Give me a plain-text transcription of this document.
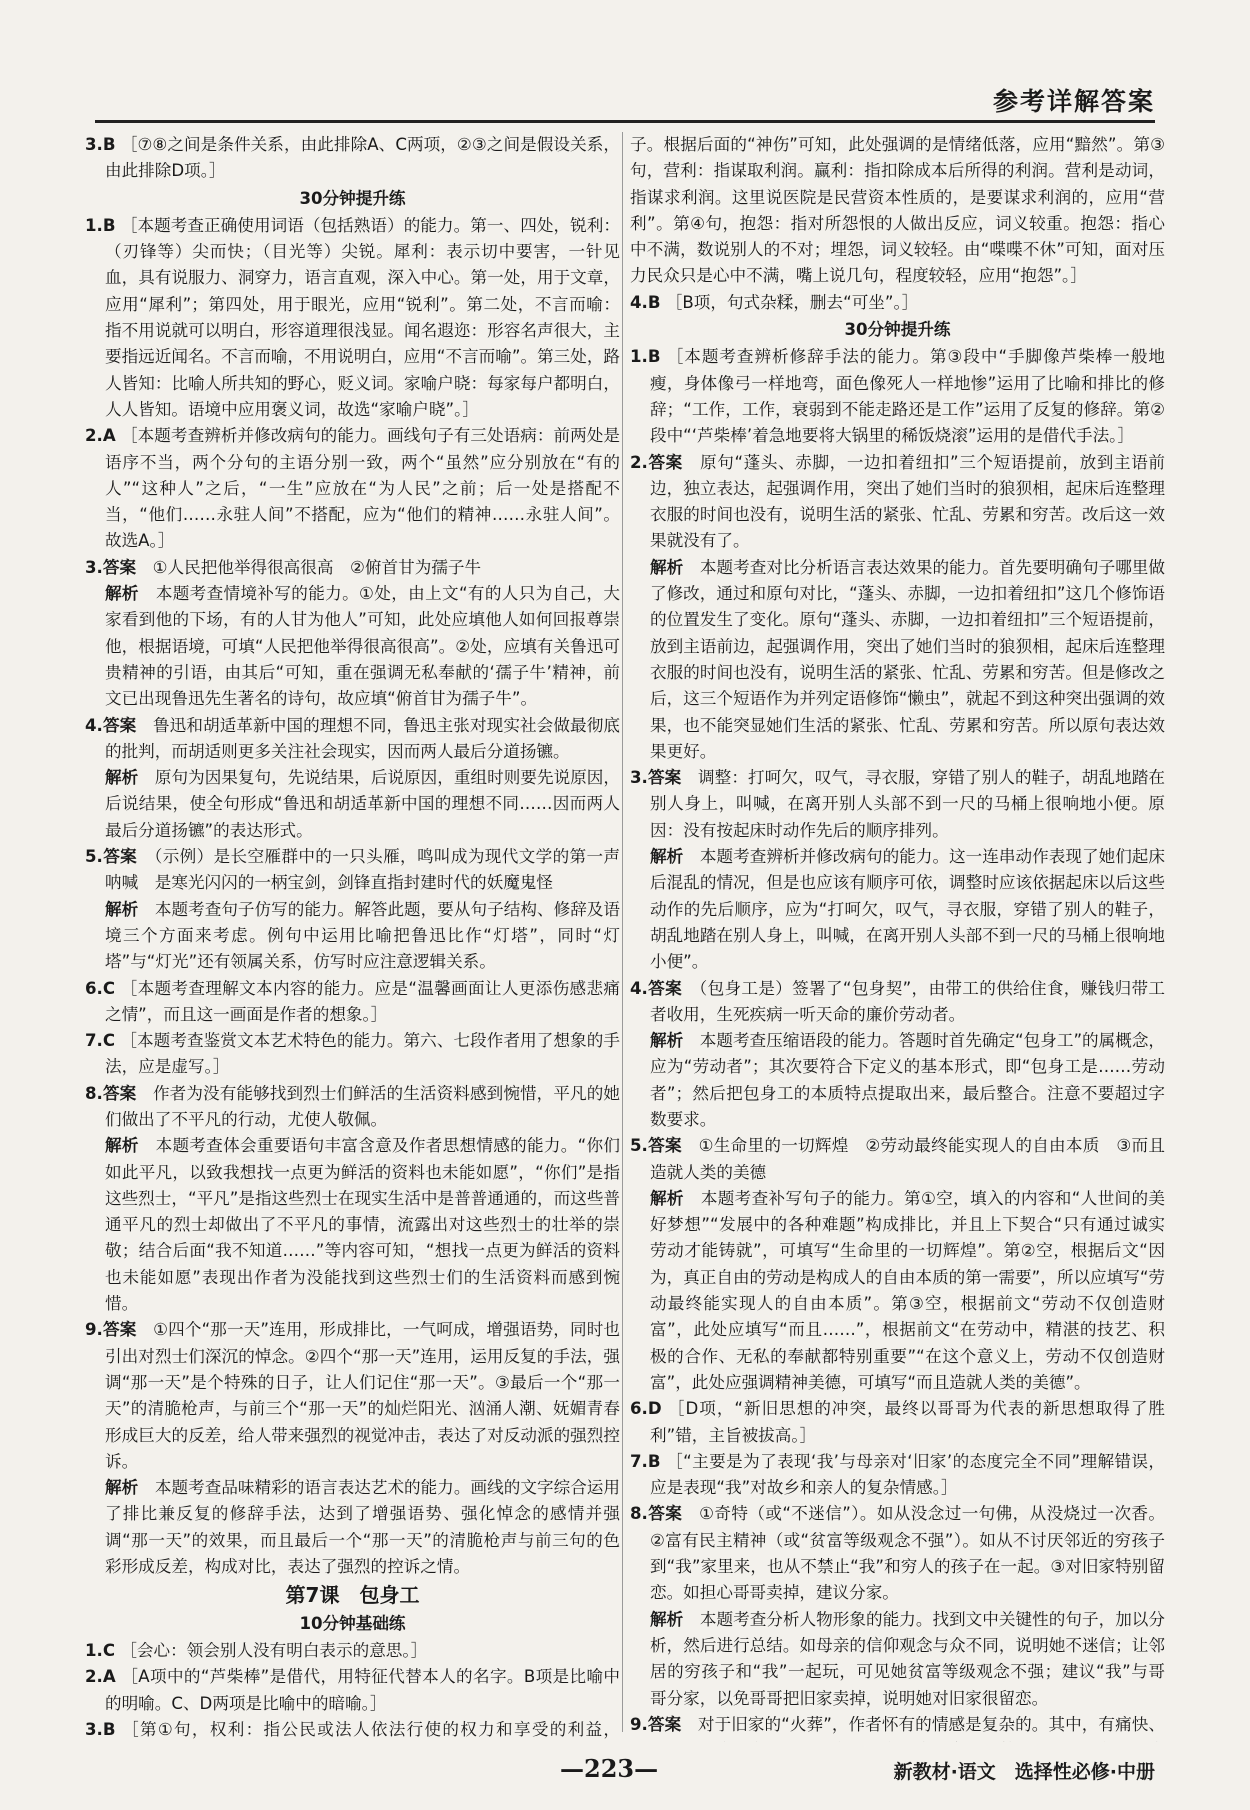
参考详解答案

3.B ［⑦⑧之间是条件关系，由此排除A、C两项，②③之间是假设关系，由此排除D项。］

30分钟提升练

1.B ［本题考查正确使用词语（包括熟语）的能力。第一、四处，锐利：（刃锋等）尖而快；（目光等）尖锐。犀利：表示切中要害，一针见血，具有说服力、洞穿力，语言直观，深入中心。第一处，用于文章，应用“犀利”；第四处，用于眼光，应用“锐利”。第二处，不言而喻：指不用说就可以明白，形容道理很浅显。闻名遐迩：形容名声很大，主要指远近闻名。不言而喻，不用说明白，应用“不言而喻”。第三处，路人皆知：比喻人所共知的野心，贬义词。家喻户晓：每家每户都明白，人人皆知。语境中应用褒义词，故选“家喻户晓”。］

2.A ［本题考查辨析并修改病句的能力。画线句子有三处语病：前两处是语序不当，两个分句的主语分别一致，两个“虽然”应分别放在“有的人”“这种人”之后，“一生”应放在“为人民”之前；后一处是搭配不当，“他们……永驻人间”不搭配，应为“他们的精神……永驻人间”。故选A。］

3.答案　 ①人民把他举得很高很高　②俯首甘为孺子牛

解析　 本题考查情境补写的能力。①处，由上文“有的人只为自己，大家看到他的下场，有的人甘为他人”可知，此处应填他人如何回报尊崇他，根据语境，可填“人民把他举得很高很高”。②处，应填有关鲁迅可贵精神的引语，由其后“可知，重在强调无私奉献的‘孺子牛’精神，前文已出现鲁迅先生著名的诗句，故应填“俯首甘为孺子牛”。

4.答案　 鲁迅和胡适革新中国的理想不同，鲁迅主张对现实社会做最彻底的批判，而胡适则更多关注社会现实，因而两人最后分道扬镳。

解析　 原句为因果复句，先说结果，后说原因，重组时则要先说原因，后说结果，使全句形成“鲁迅和胡适革新中国的理想不同……因而两人最后分道扬镳”的表达形式。

5.答案　 （示例）是长空雁群中的一只头雁，鸣叫成为现代文学的第一声呐喊　是寒光闪闪的一柄宝剑，剑锋直指封建时代的妖魔鬼怪

解析　 本题考查句子仿写的能力。解答此题，要从句子结构、修辞及语境三个方面来考虑。例句中运用比喻把鲁迅比作“灯塔”，同时“灯塔”与“灯光”还有领属关系，仿写时应注意逻辑关系。

6.C ［本题考查理解文本内容的能力。应是“温馨画面让人更添伤感悲痛之情”，而且这一画面是作者的想象。］

7.C ［本题考查鉴赏文本艺术特色的能力。第六、七段作者用了想象的手法，应是虚写。］

8.答案　 作者为没有能够找到烈士们鲜活的生活资料感到惋惜，平凡的她们做出了不平凡的行动，尤使人敬佩。

解析　 本题考查体会重要语句丰富含意及作者思想情感的能力。“你们如此平凡，以致我想找一点更为鲜活的资料也未能如愿”，“你们”是指这些烈士，“平凡”是指这些烈士在现实生活中是普普通通的，而这些普通平凡的烈士却做出了不平凡的事情，流露出对这些烈士的壮举的崇敬；结合后面“我不知道……”等内容可知，“想找一点更为鲜活的资料也未能如愿”表现出作者为没能找到这些烈士们的生活资料而感到惋惜。

9.答案　 ①四个“那一天”连用，形成排比，一气呵成，增强语势，同时也引出对烈士们深沉的悼念。②四个“那一天”连用，运用反复的手法，强调“那一天”是个特殊的日子，让人们记住“那一天”。③最后一个“那一天”的清脆枪声，与前三个“那一天”的灿烂阳光、汹涌人潮、妩媚青春形成巨大的反差，给人带来强烈的视觉冲击，表达了对反动派的强烈控诉。

解析　 本题考查品味精彩的语言表达艺术的能力。画线的文字综合运用了排比兼反复的修辞手法，达到了增强语势、强化悼念的感情并强调“那一天”的效果，而且最后一个“那一天”的清脆枪声与前三句的色彩形成反差，构成对比，表达了强烈的控诉之情。

第7课　包身工

10分钟基础练

1.C ［会心：领会别人没有明白表示的意思。］

2.A ［A项中的“芦柴棒”是借代，用特征代替本人的名字。B项是比喻中的明喻。C、D两项是比喻中的暗喻。］

3.B ［第①句，权利：指公民或法人依法行使的权力和享受的利益，

子。根据后面的“神伤”可知，此处强调的是情绪低落，应用“黯然”。第③句，营利：指谋取利润。赢利：指扣除成本后所得的利润。营利是动词，指谋求利润。这里说医院是民营资本性质的，是要谋求利润的，应用“营利”。第④句，抱怨：指对所怨恨的人做出反应，词义较重。抱怨：指心中不满，数说别人的不对；埋怨，词义较轻。由“喋喋不休”可知，面对压力民众只是心中不满，嘴上说几句，程度较轻，应用“抱怨”。］

4.B ［B项，句式杂糅，删去“可坐”。］

30分钟提升练

1.B ［本题考查辨析修辞手法的能力。第③段中“手脚像芦柴棒一般地瘦，身体像弓一样地弯，面色像死人一样地惨”运用了比喻和排比的修辞；“工作，工作，衰弱到不能走路还是工作”运用了反复的修辞。第②段中“‘芦柴棒’着急地要将大锅里的稀饭烧滚”运用的是借代手法。］

2.答案　 原句“蓬头、赤脚，一边扣着纽扣”三个短语提前，放到主语前边，独立表达，起强调作用，突出了她们当时的狼狈相，起床后连整理衣服的时间也没有，说明生活的紧张、忙乱、劳累和穷苦。改后这一效果就没有了。

解析　 本题考查对比分析语言表达效果的能力。首先要明确句子哪里做了修改，通过和原句对比，“蓬头、赤脚，一边扣着纽扣”这几个修饰语的位置发生了变化。原句“蓬头、赤脚，一边扣着纽扣”三个短语提前，放到主语前边，起强调作用，突出了她们当时的狼狈相，起床后连整理衣服的时间也没有，说明生活的紧张、忙乱、劳累和穷苦。但是修改之后，这三个短语作为并列定语修饰“懒虫”，就起不到这种突出强调的效果，也不能突显她们生活的紧张、忙乱、劳累和穷苦。所以原句表达效果更好。

3.答案　 调整：打呵欠，叹气，寻衣服，穿错了别人的鞋子，胡乱地踏在别人身上，叫喊，在离开别人头部不到一尺的马桶上很响地小便。原因：没有按起床时动作先后的顺序排列。

解析　 本题考查辨析并修改病句的能力。这一连串动作表现了她们起床后混乱的情况，但是也应该有顺序可依，调整时应该依据起床以后这些动作的先后顺序，应为“打呵欠，叹气，寻衣服，穿错了别人的鞋子，胡乱地踏在别人身上，叫喊，在离开别人头部不到一尺的马桶上很响地小便”。

4.答案　 （包身工是）签署了“包身契”，由带工的供给住食，赚钱归带工者收用，生死疾病一听天命的廉价劳动者。

解析　 本题考查压缩语段的能力。答题时首先确定“包身工”的属概念，应为“劳动者”；其次要符合下定义的基本形式，即“包身工是……劳动者”；然后把包身工的本质特点提取出来，最后整合。注意不要超过字数要求。

5.答案　 ①生命里的一切辉煌　②劳动最终能实现人的自由本质　③而且造就人类的美德

解析　 本题考查补写句子的能力。第①空，填入的内容和“人世间的美好梦想”“发展中的各种难题”构成排比，并且上下契合“只有通过诚实劳动才能铸就”，可填写“生命里的一切辉煌”。第②空，根据后文“因为，真正自由的劳动是构成人的自由本质的第一需要”，所以应填写“劳动最终能实现人的自由本质”。第③空，根据前文“劳动不仅创造财富”，此处应填写“而且……”，根据前文“在劳动中，精湛的技艺、积极的合作、无私的奉献都特别重要”“在这个意义上，劳动不仅创造财富”，此处应强调精神美德，可填写“而且造就人类的美德”。

6.D ［D项，“新旧思想的冲突，最终以哥哥为代表的新思想取得了胜利”错，主旨被拔高。］

7.B ［“主要是为了表现‘我’与母亲对‘旧家’的态度完全不同”理解错误，应是表现“我”对故乡和亲人的复杂情感。］

8.答案　 ①奇特（或“不迷信”）。如从没念过一句佛，从没烧过一次香。②富有民主精神（或“贫富等级观念不强”）。如从不讨厌邻近的穷孩子到“我”家里来，也从不禁止“我”和穷人的孩子在一起。③对旧家特别留恋。如担心哥哥卖掉，建议分家。

解析　 本题考查分析人物形象的能力。找到文中关键性的句子，加以分析，然后进行总结。如母亲的信仰观念与众不同，说明她不迷信；让邻居的穷孩子和“我”一起玩，可见她贫富等级观念不强；建议“我”与哥哥分家，以免哥哥把旧家卖掉，说明她对旧家很留恋。

9.答案　 对于旧家的“火葬”，作者怀有的情感是复杂的。其中，有痛快、

—223—	新教材·语文　选择性必修·中册
